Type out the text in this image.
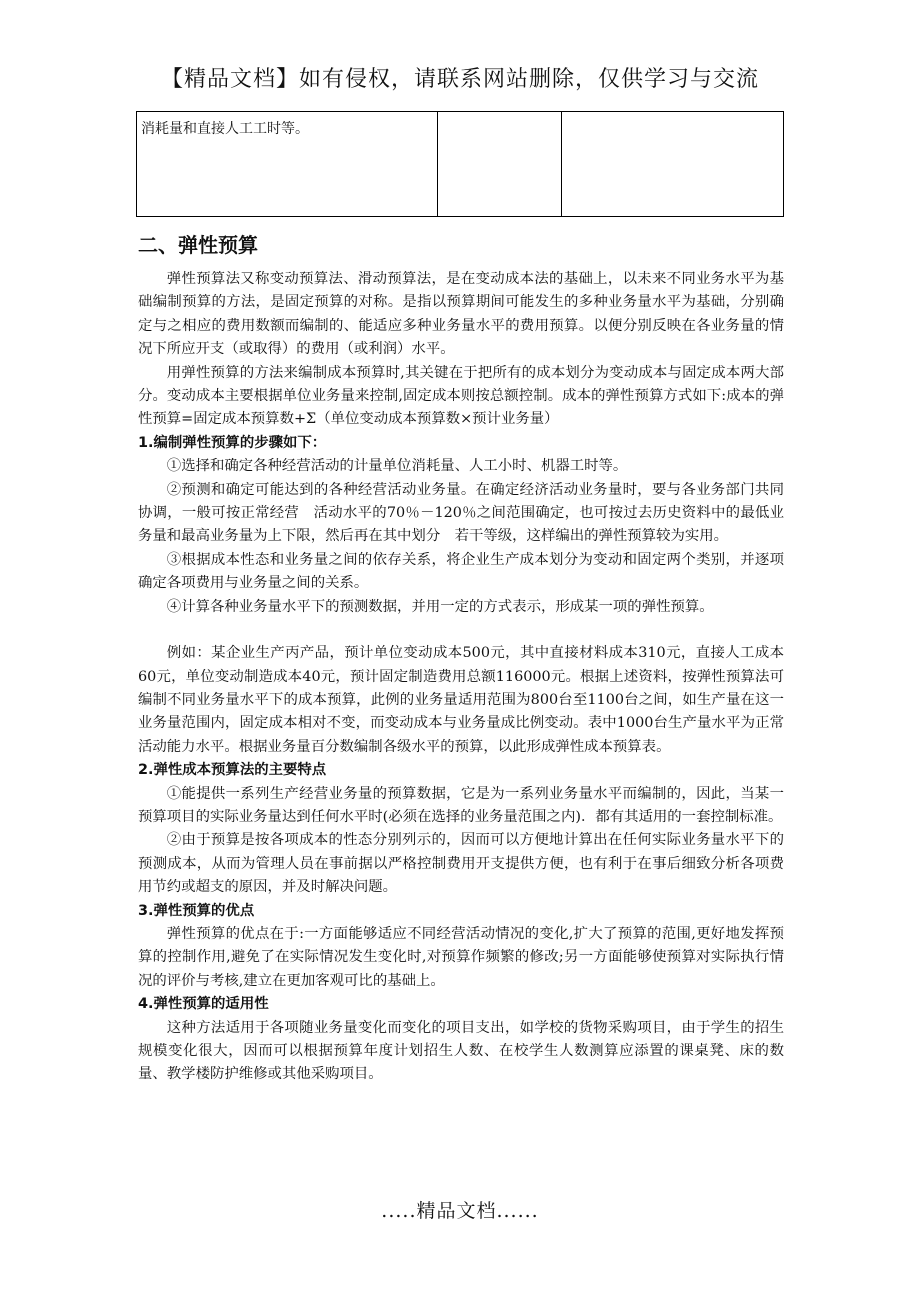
【精品文档】如有侵权，请联系网站删除，仅供学习与交流
消耗量和直接人工工时等。		
二、弹性预算

弹性预算法又称变动预算法、滑动预算法，是在变动成本法的基础上，以未来不同业务水平为基础编制预算的方法，是固定预算的对称。是指以预算期间可能发生的多种业务量水平为基础，分别确定与之相应的费用数额而编制的、能适应多种业务量水平的费用预算。以便分别反映在各业务量的情况下所应开支（或取得）的费用（或利润）水平。

用弹性预算的方法来编制成本预算时,其关键在于把所有的成本划分为变动成本与固定成本两大部分。变动成本主要根据单位业务量来控制,固定成本则按总额控制。成本的弹性预算方式如下:成本的弹性预算=固定成本预算数+Σ（单位变动成本预算数×预计业务量）

1.编制弹性预算的步骤如下：

①选择和确定各种经营活动的计量单位消耗量、人工小时、机器工时等。

②预测和确定可能达到的各种经营活动业务量。在确定经济活动业务量时，要与各业务部门共同协调，一般可按正常经营　活动水平的70％－120％之间范围确定，也可按过去历史资料中的最低业务量和最高业务量为上下限，然后再在其中划分　若干等级，这样编出的弹性预算较为实用。

③根据成本性态和业务量之间的依存关系，将企业生产成本划分为变动和固定两个类别，并逐项确定各项费用与业务量之间的关系。

④计算各种业务量水平下的预测数据，并用一定的方式表示，形成某一项的弹性预算。

例如：某企业生产丙产品，预计单位变动成本500元，其中直接材料成本310元，直接人工成本60元，单位变动制造成本40元，预计固定制造费用总额116000元。根据上述资料，按弹性预算法可编制不同业务量水平下的成本预算，此例的业务量适用范围为800台至1100台之间，如生产量在这一业务量范围内，固定成本相对不变，而变动成本与业务量成比例变动。表中1000台生产量水平为正常活动能力水平。根据业务量百分数编制各级水平的预算，以此形成弹性成本预算表。

2.弹性成本预算法的主要特点

①能提供一系列生产经营业务量的预算数据，它是为一系列业务量水平而编制的，因此，当某一预算项目的实际业务量达到任何水平时(必须在选择的业务量范围之内)．都有其适用的一套控制标准。

②由于预算是按各项成本的性态分别列示的，因而可以方便地计算出在任何实际业务量水平下的预测成本，从而为管理人员在事前据以严格控制费用开支提供方便，也有利于在事后细致分析各项费用节约或超支的原因，并及时解决问题。

3.弹性预算的优点

弹性预算的优点在于:一方面能够适应不同经营活动情况的变化,扩大了预算的范围,更好地发挥预算的控制作用,避免了在实际情况发生变化时,对预算作频繁的修改;另一方面能够使预算对实际执行情况的评价与考核,建立在更加客观可比的基础上。

4.弹性预算的适用性

这种方法适用于各项随业务量变化而变化的项目支出，如学校的货物采购项目，由于学生的招生规模变化很大，因而可以根据预算年度计划招生人数、在校学生人数测算应添置的课桌凳、床的数量、教学楼防护维修或其他采购项目。

.....精品文档......
